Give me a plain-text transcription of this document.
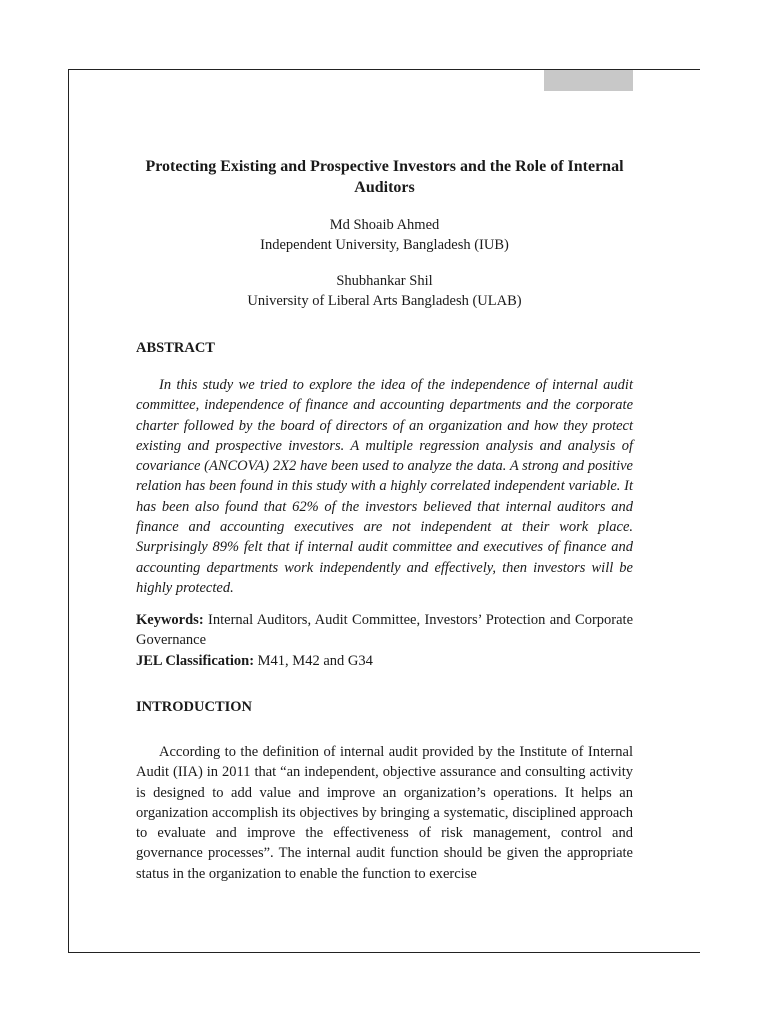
Protecting Existing and Prospective Investors and the Role of Internal Auditors
Md Shoaib Ahmed
Independent University, Bangladesh (IUB)
Shubhankar Shil
University of Liberal Arts Bangladesh (ULAB)
ABSTRACT

In this study we tried to explore the idea of the independence of internal audit committee, independence of finance and accounting departments and the corporate charter followed by the board of directors of an organization and how they protect existing and prospective investors. A multiple regression analysis and analysis of covariance (ANCOVA) 2X2 have been used to analyze the data. A strong and positive relation has been found in this study with a highly correlated independent variable. It has been also found that 62% of the investors believed that internal auditors and finance and accounting executives are not independent at their work place. Surprisingly 89% felt that if internal audit committee and executives of finance and accounting departments work independently and effectively, then investors will be highly protected.

Keywords: Internal Auditors, Audit Committee, Investors’ Protection and Corporate Governance

JEL Classification: M41, M42 and G34

INTRODUCTION

According to the definition of internal audit provided by the Institute of Internal Audit (IIA) in 2011 that “an independent, objective assurance and consulting activity is designed to add value and improve an organization’s operations. It helps an organization accomplish its objectives by bringing a systematic, disciplined approach to evaluate and improve the effectiveness of risk management, control and governance processes”. The internal audit function should be given the appropriate status in the organization to enable the function to exercise
